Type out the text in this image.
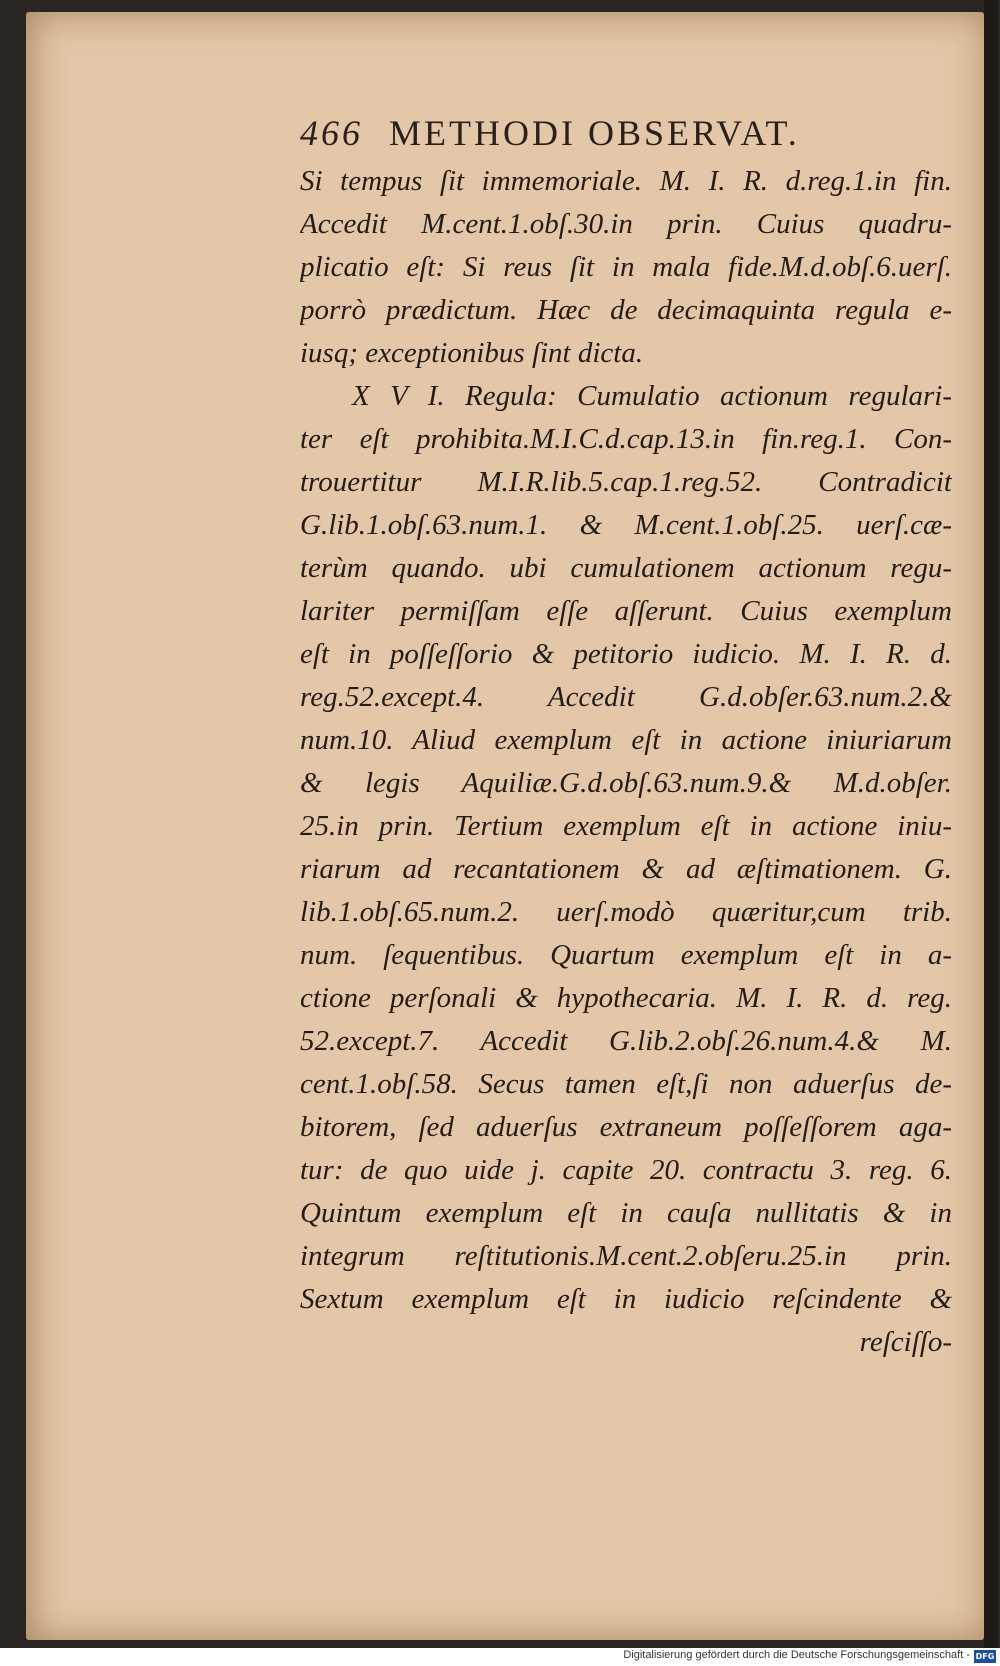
466 METHODI OBSERVAT.
Si tempus ſit immemoriale. M. I. R. d.reg.1.in fin.
Accedit M.cent.1.obſ.30.in prin. Cuius quadru-
plicatio eſt: Si reus ſit in mala fide.M.d.obſ.6.uerſ.
porrò prædictum. Hæc de decimaquinta regula e-
iusq; exceptionibus ſint dicta.
X V I. Regula: Cumulatio actionum regulari-
ter eſt prohibita.M.I.C.d.cap.13.in fin.reg.1. Con-
trouertitur M.I.R.lib.5.cap.1.reg.52. Contradicit
G.lib.1.obſ.63.num.1. & M.cent.1.obſ.25. uerſ.cæ-
terùm quando. ubi cumulationem actionum regu-
lariter permiſſam eſſe aſſerunt. Cuius exemplum
eſt in poſſeſſorio & petitorio iudicio. M. I. R. d.
reg.52.except.4. Accedit G.d.obſer.63.num.2.&
num.10. Aliud exemplum eſt in actione iniuriarum
& legis Aquiliæ.G.d.obſ.63.num.9.& M.d.obſer.
25.in prin. Tertium exemplum eſt in actione iniu-
riarum ad recantationem & ad æſtimationem. G.
lib.1.obſ.65.num.2. uerſ.modò quæritur,cum trib.
num. ſequentibus. Quartum exemplum eſt in a-
ctione perſonali & hypothecaria. M. I. R. d. reg.
52.except.7. Accedit G.lib.2.obſ.26.num.4.& M.
cent.1.obſ.58. Secus tamen eſt,ſi non aduerſus de-
bitorem, ſed aduerſus extraneum poſſeſſorem aga-
tur: de quo uide j. capite 20. contractu 3. reg. 6.
Quintum exemplum eſt in cauſa nullitatis & in
integrum reſtitutionis.M.cent.2.obſeru.25.in prin.
Sextum exemplum eſt in iudicio reſcindente &
reſciſſo-
Digitalisierung gefördert durch die Deutsche Forschungsgemeinschaft - DFG
